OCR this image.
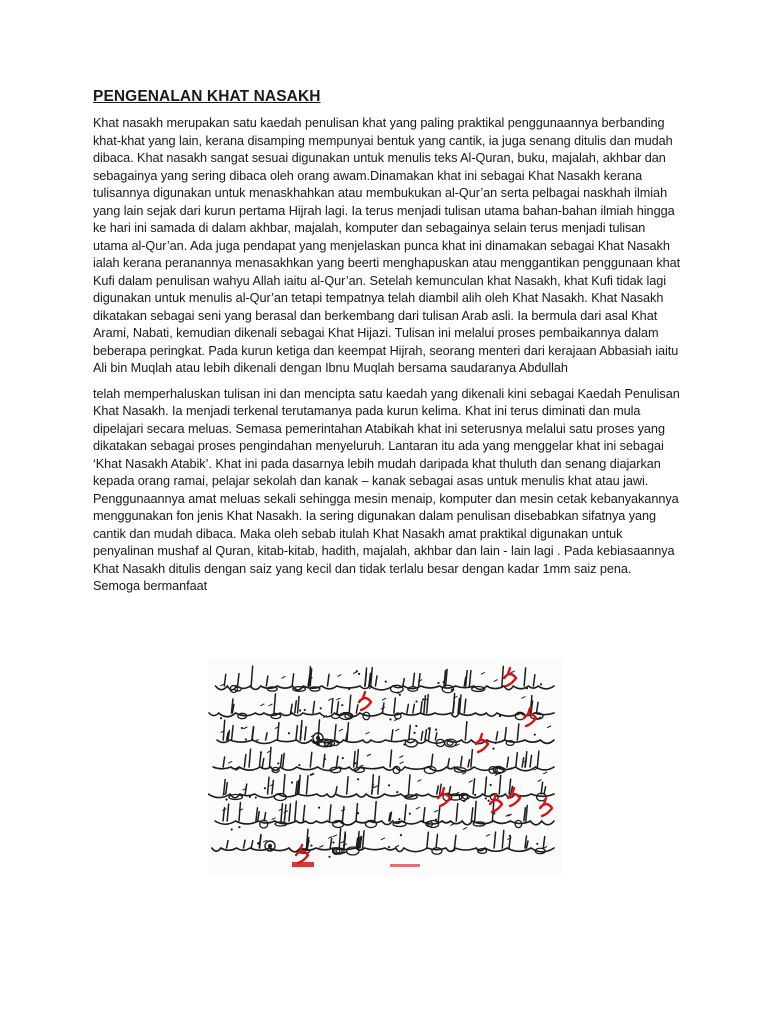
PENGENALAN KHAT NASAKH

Khat nasakh merupakan satu kaedah penulisan khat yang paling praktikal penggunaannya berbanding khat-khat yang lain, kerana disamping mempunyai bentuk yang cantik, ia juga senang ditulis dan mudah dibaca. Khat nasakh sangat sesuai digunakan untuk menulis teks Al-Quran, buku, majalah, akhbar dan sebagainya yang sering dibaca oleh orang awam.Dinamakan khat ini sebagai Khat Nasakh kerana tulisannya digunakan untuk menaskhahkan atau membukukan al-Qur’an serta pelbagai naskhah ilmiah yang lain sejak dari kurun pertama Hijrah lagi. Ia terus menjadi tulisan utama bahan-bahan ilmiah hingga ke hari ini samada di dalam akhbar, majalah, komputer dan sebagainya selain terus menjadi tulisan utama al-Qur’an. Ada juga pendapat yang menjelaskan punca khat ini dinamakan sebagai Khat Nasakh ialah kerana peranannya menasakhkan yang beerti menghapuskan atau menggantikan penggunaan khat Kufi dalam penulisan wahyu Allah iaitu al-Qur’an. Setelah kemunculan khat Nasakh, khat Kufi tidak lagi digunakan untuk menulis al-Qur’an tetapi tempatnya telah diambil alih oleh Khat Nasakh. Khat Nasakh dikatakan sebagai seni yang berasal dan berkembang dari tulisan Arab asli. Ia bermula dari asal Khat Arami, Nabati, kemudian dikenali sebagai Khat Hijazi. Tulisan ini melalui proses pembaikannya dalam beberapa peringkat. Pada kurun ketiga dan keempat Hijrah, seorang menteri dari kerajaan Abbasiah iaitu Ali bin Muqlah atau lebih dikenali dengan Ibnu Muqlah bersama saudaranya Abdullah

telah memperhaluskan tulisan ini dan mencipta satu kaedah yang dikenali kini sebagai Kaedah Penulisan Khat Nasakh. Ia menjadi terkenal terutamanya pada kurun kelima. Khat ini terus diminati dan mula dipelajari secara meluas. Semasa pemerintahan Atabikah khat ini seterusnya melalui satu proses yang dikatakan sebagai proses pengindahan menyeluruh. Lantaran itu ada yang menggelar khat ini sebagai ‘Khat Nasakh Atabik’. Khat ini pada dasarnya lebih mudah daripada khat thuluth dan senang diajarkan kepada orang ramai, pelajar sekolah dan kanak – kanak sebagai asas untuk menulis khat atau jawi. Penggunaannya amat meluas sekali sehingga mesin menaip, komputer dan mesin cetak kebanyakannya menggunakan fon jenis Khat Nasakh. Ia sering digunakan dalam penulisan disebabkan sifatnya yang cantik dan mudah dibaca. Maka oleh sebab itulah Khat Nasakh amat praktikal digunakan untuk penyalinan mushaf al Quran, kitab-kitab, hadith, majalah, akhbar dan lain - lain lagi . Pada kebiasaannya Khat Nasakh ditulis dengan saiz yang kecil dan tidak terlalu besar dengan kadar 1mm saiz pena. Semoga bermanfaat
